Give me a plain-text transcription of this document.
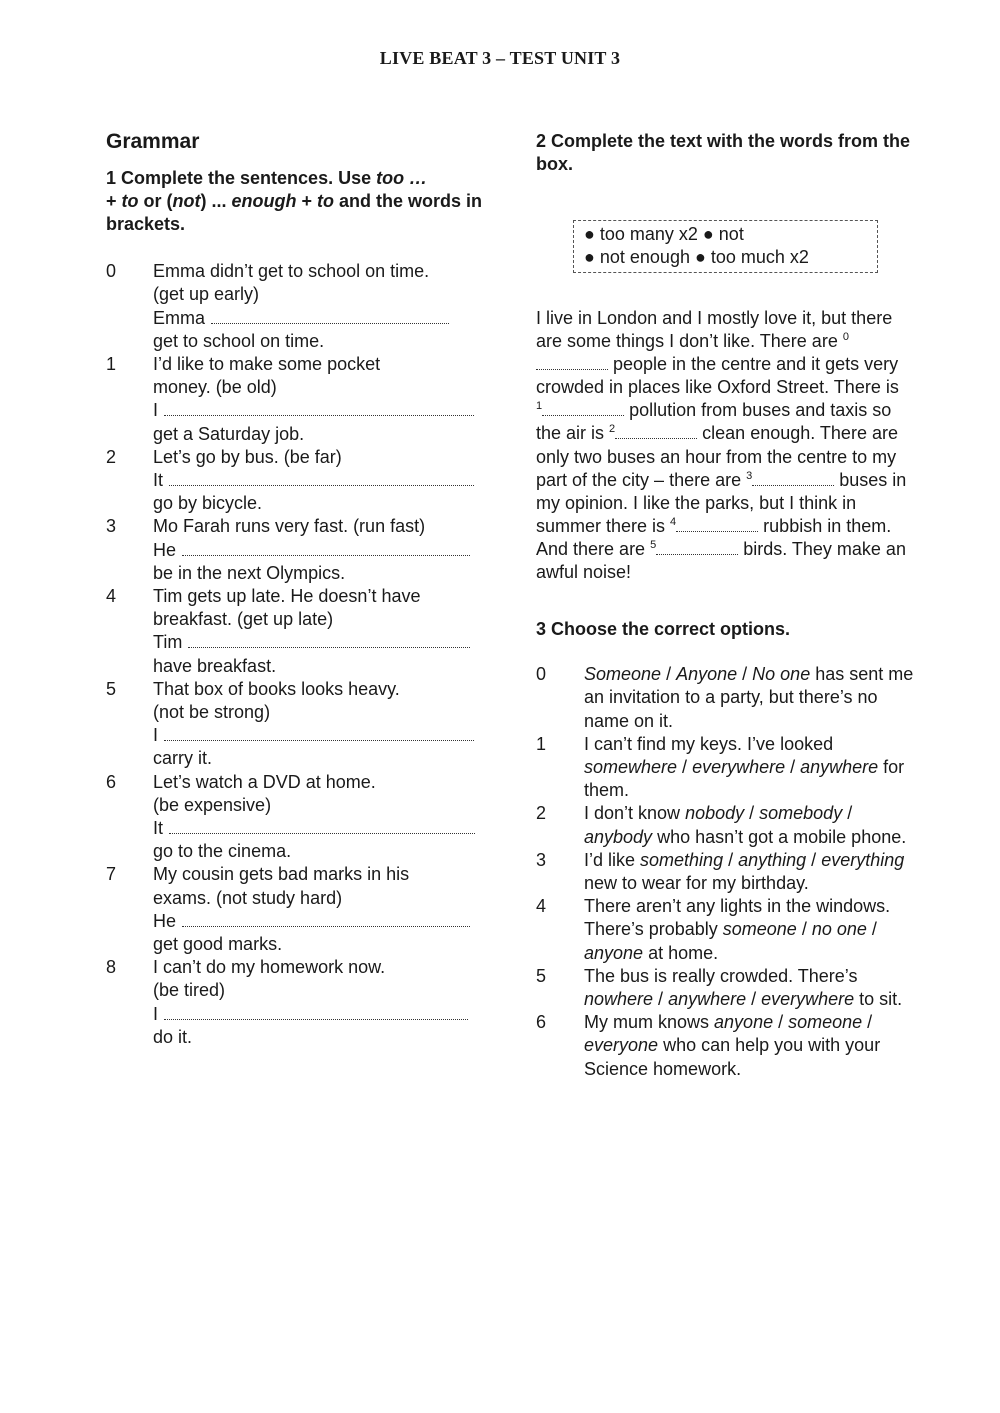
LIVE BEAT 3 – TEST UNIT 3
Grammar

1 Complete the sentences. Use too …
+ to or (not) ... enough + to and the words in brackets.

0	Emma didn’t get to school on time.
(get up early)
Emma
get to school on time.
1	I’d like to make some pocket
money. (be old)
I
get a Saturday job.
2	Let’s go by bus. (be far)
It
go by bicycle.
3	Mo Farah runs very fast. (run fast)
He
be in the next Olympics.
4	Tim gets up late. He doesn’t have
breakfast. (get up late)
Tim
have breakfast.
5	That box of books looks heavy.
(not be strong)
I
carry it.
6	Let’s watch a DVD at home.
(be expensive)
It
go to the cinema.
7	My cousin gets bad marks in his
exams. (not study hard)
He
get good marks.
8	I can’t do my homework now.
(be tired)
I
do it.

2 Complete the text with the words from the box.

● too many x2 ● not
● not enough ● too much x2
I live in London and I mostly love it, but there are some things I don’t like. There are $^0$ people in the centre and it gets very crowded in places like Oxford Street. There is $^1$	pollution from buses and taxis so the air is $^2$	clean enough. There are only two buses an hour from the centre to my part of the city – there are $^3$	buses in my opinion. I like the parks, but I think in summer there is $^4$	rubbish in them. And there are $^5$	birds. They make an awful noise!
3 Choose the correct options.
0 Someone / Anyone / No one has sent me an invitation to a party, but there’s no name on it.
1 I can’t find my keys. I’ve looked somewhere / everywhere / anywhere for them.
2 I don’t know nobody / somebody / anybody who hasn’t got a mobile phone.
3 I’d like something / anything / everything new to wear for my birthday.
4 There aren’t any lights in the windows. There’s probably someone / no one / anyone at home.
5 The bus is really crowded. There’s nowhere / anywhere / everywhere to sit.
6 My mum knows anyone / someone / everyone who can help you with your Science homework.
